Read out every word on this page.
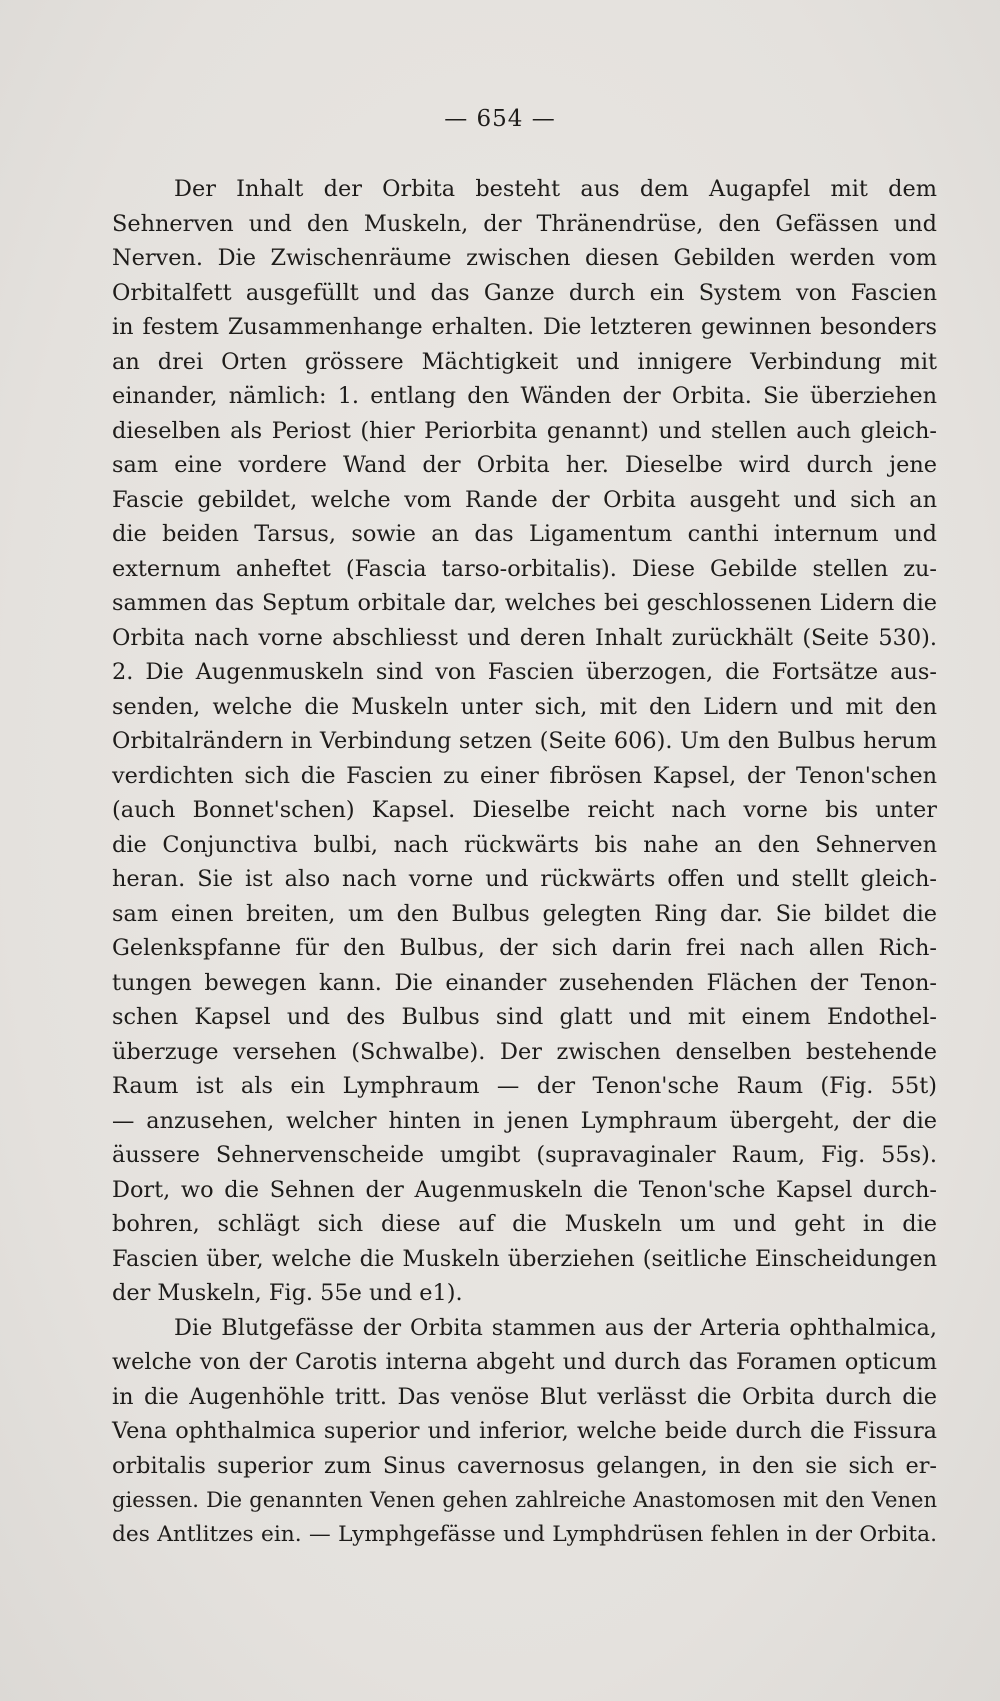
— 654 —
Der Inhalt der Orbita besteht aus dem Augapfel mit dem
Sehnerven und den Muskeln, der Thränendrüse, den Gefässen und
Nerven. Die Zwischenräume zwischen diesen Gebilden werden vom
Orbitalfett ausgefüllt und das Ganze durch ein System von Fascien
in festem Zusammenhange erhalten. Die letzteren gewinnen besonders
an drei Orten grössere Mächtigkeit und innigere Verbindung mit
einander, nämlich: 1. entlang den Wänden der Orbita. Sie überziehen
dieselben als Periost (hier Periorbita genannt) und stellen auch gleich-
sam eine vordere Wand der Orbita her. Dieselbe wird durch jene
Fascie gebildet, welche vom Rande der Orbita ausgeht und sich an
die beiden Tarsus, sowie an das Ligamentum canthi internum und
externum anheftet (Fascia tarso-orbitalis). Diese Gebilde stellen zu-
sammen das Septum orbitale dar, welches bei geschlossenen Lidern die
Orbita nach vorne abschliesst und deren Inhalt zurückhält (Seite 530).
2. Die Augenmuskeln sind von Fascien überzogen, die Fortsätze aus-
senden, welche die Muskeln unter sich, mit den Lidern und mit den
Orbitalrändern in Verbindung setzen (Seite 606). Um den Bulbus herum
verdichten sich die Fascien zu einer fibrösen Kapsel, der Tenon'schen
(auch Bonnet'schen) Kapsel. Dieselbe reicht nach vorne bis unter
die Conjunctiva bulbi, nach rückwärts bis nahe an den Sehnerven
heran. Sie ist also nach vorne und rückwärts offen und stellt gleich-
sam einen breiten, um den Bulbus gelegten Ring dar. Sie bildet die
Gelenkspfanne für den Bulbus, der sich darin frei nach allen Rich-
tungen bewegen kann. Die einander zusehenden Flächen der Tenon-
schen Kapsel und des Bulbus sind glatt und mit einem Endothel-
überzuge versehen (Schwalbe). Der zwischen denselben bestehende
Raum ist als ein Lymphraum — der Tenon'sche Raum (Fig. 55t)
— anzusehen, welcher hinten in jenen Lymphraum übergeht, der die
äussere Sehnervenscheide umgibt (supravaginaler Raum, Fig. 55s).
Dort, wo die Sehnen der Augenmuskeln die Tenon'sche Kapsel durch-
bohren, schlägt sich diese auf die Muskeln um und geht in die
Fascien über, welche die Muskeln überziehen (seitliche Einscheidungen
der Muskeln, Fig. 55e und e1).
Die Blutgefässe der Orbita stammen aus der Arteria ophthalmica,
welche von der Carotis interna abgeht und durch das Foramen opticum
in die Augenhöhle tritt. Das venöse Blut verlässt die Orbita durch die
Vena ophthalmica superior und inferior, welche beide durch die Fissura
orbitalis superior zum Sinus cavernosus gelangen, in den sie sich er-
giessen. Die genannten Venen gehen zahlreiche Anastomosen mit den Venen
des Antlitzes ein. — Lymphgefässe und Lymphdrüsen fehlen in der Orbita.
